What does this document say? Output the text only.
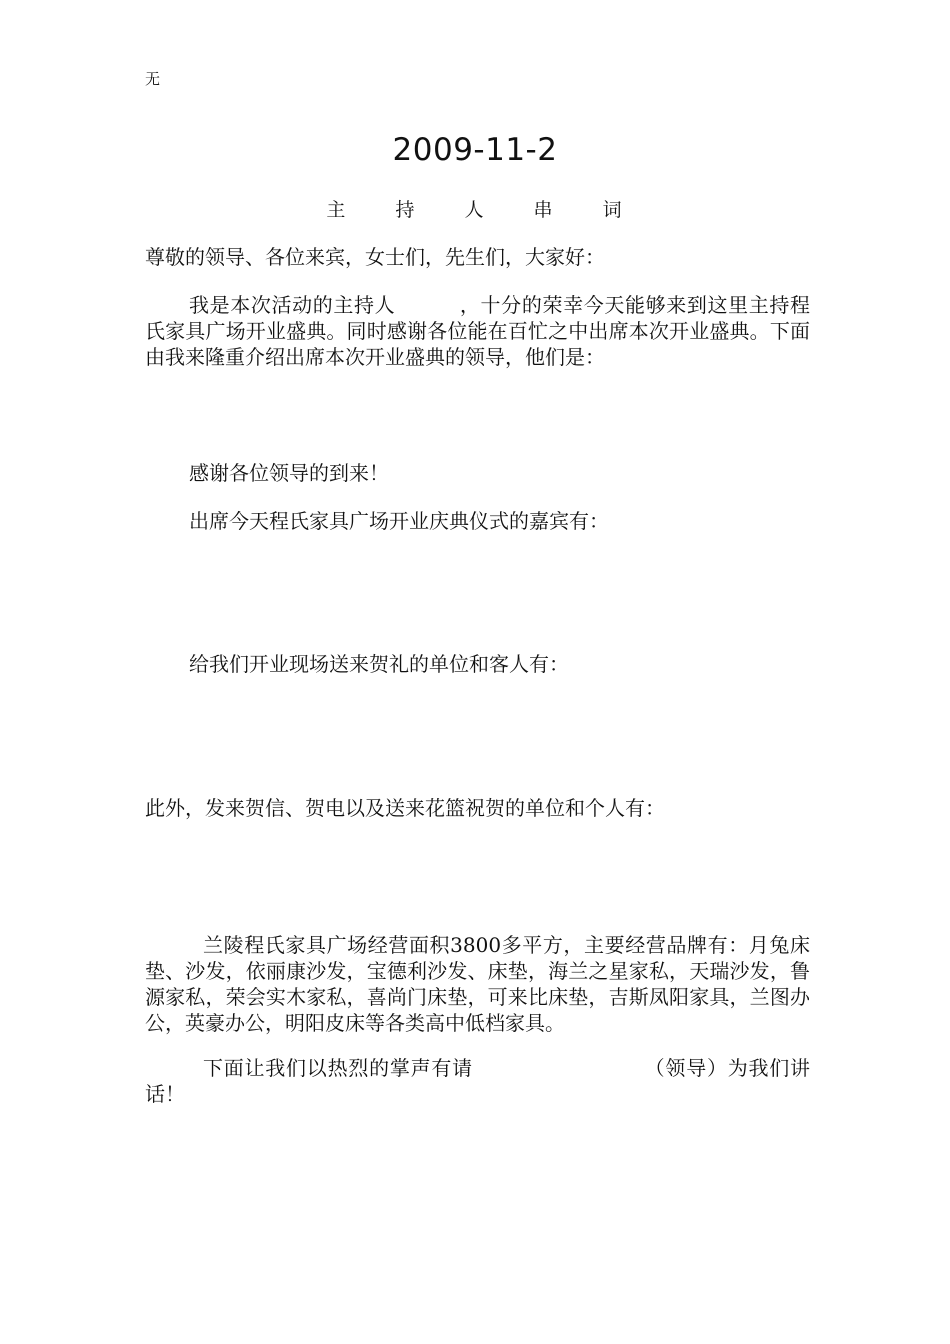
无
2009-11-2
主 持 人 串 词

尊敬的领导、各位来宾，女士们，先生们，大家好：

我是本次活动的主持人	，十分的荣幸今天能够来到这里主持程氏家具广场开业盛典。同时感谢各位能在百忙之中出席本次开业盛典。下面由我来隆重介绍出席本次开业盛典的领导，他们是：

感谢各位领导的到来！

出席今天程氏家具广场开业庆典仪式的嘉宾有：

给我们开业现场送来贺礼的单位和客人有：

此外，发来贺信、贺电以及送来花篮祝贺的单位和个人有：

兰陵程氏家具广场经营面积3800多平方，主要经营品牌有：月兔床垫、沙发，依丽康沙发，宝德利沙发、床垫，海兰之星家私，天瑞沙发，鲁源家私，荣会实木家私，喜尚门床垫，可来比床垫，吉斯凤阳家具，兰图办公，英豪办公，明阳皮床等各类高中低档家具。

下面让我们以热烈的掌声有请	（领导）为我们讲话！
